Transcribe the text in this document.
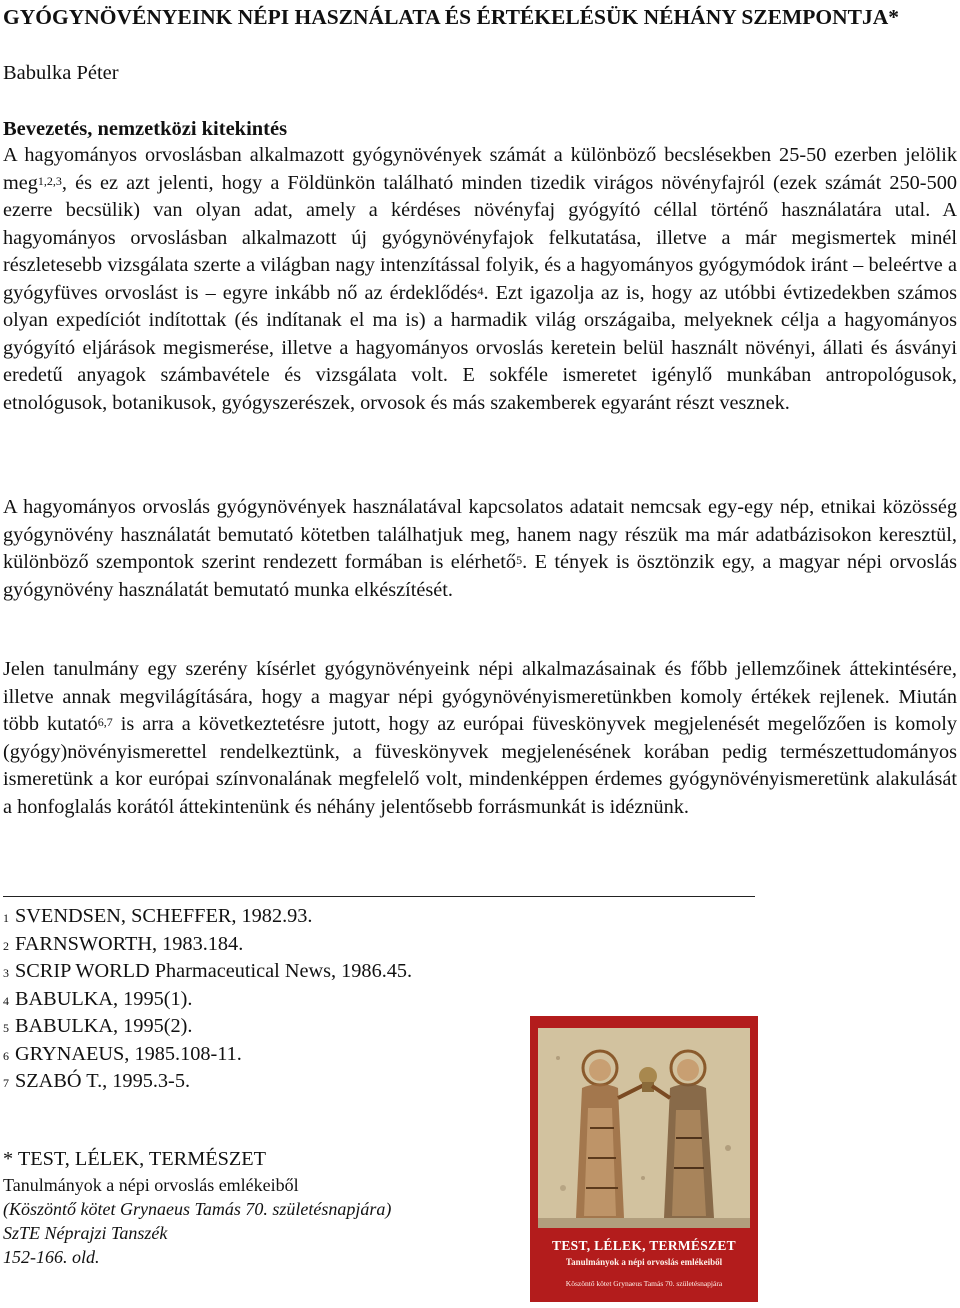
GYÓGYNÖVÉNYEINK NÉPI HASZNÁLATA ÉS ÉRTÉKELÉSÜK NÉHÁNY SZEMPONTJA*
Babulka Péter
Bevezetés, nemzetközi kitekintés

A hagyományos orvoslásban alkalmazott gyógynövények számát a különböző becslésekben 25-50 ezerben jelölik meg$^{1,2,3}$, és ez azt jelenti, hogy a Földünkön található minden tizedik virágos növényfajról (ezek számát 250-500 ezerre becsülik) van olyan adat, amely a kérdéses növényfaj gyógyító céllal történő használatára utal. A hagyományos orvoslásban alkalmazott új gyógynövényfajok felkutatása, illetve a már megismertek minél részletesebb vizsgálata szerte a világban nagy intenzítással folyik, és a hagyományos gyógymódok iránt – beleértve a gyógyfüves orvoslást is – egyre inkább nő az érdeklődés$^4$. Ezt igazolja az is, hogy az utóbbi évtizedekben számos olyan expedíciót indítottak (és indítanak el ma is) a harmadik világ országaiba, melyeknek célja a hagyományos gyógyító eljárások megismerése, illetve a hagyományos orvoslás keretein belül használt növényi, állati és ásványi eredetű anyagok számbavétele és vizsgálata volt. E sokféle ismeretet igénylő munkában antropológusok, etnológusok, botanikusok, gyógyszerészek, orvosok és más szakemberek egyaránt részt vesznek.

A hagyományos orvoslás gyógynövények használatával kapcsolatos adatait nemcsak egy-egy nép, etnikai közösség gyógynövény használatát bemutató kötetben találhatjuk meg, hanem nagy részük ma már adatbázisokon keresztül, különböző szempontok szerint rendezett formában is elérhető$^5$. E tények is ösztönzik egy, a magyar népi orvoslás gyógynövény használatát bemutató munka elkészítését.

Jelen tanulmány egy szerény kísérlet gyógynövényeink népi alkalmazásainak és főbb jellemzőinek áttekintésére, illetve annak megvilágítására, hogy a magyar népi gyógynövényismeretünkben komoly értékek rejlenek. Miután több kutató$^{6,7}$ is arra a következtetésre jutott, hogy az európai füveskönyvek megjelenését megelőzően is komoly (gyógy)növényismerettel rendelkeztünk, a füveskönyvek megjelenésének korában pedig természettudományos ismeretünk a kor európai színvonalának megfelelő volt, mindenképpen érdemes gyógynövényismeretünk alakulását a honfoglalás korától áttekintenünk és néhány jelentősebb forrásmunkát is idéznünk.

$^1$ SVENDSEN, SCHEFFER, 1982.93.
$^2$ FARNSWORTH, 1983.184.
$^3$ SCRIP WORLD Pharmaceutical News, 1986.45.
$^4$ BABULKA, 1995(1).
$^5$ BABULKA, 1995(2).
$^6$ GRYNAEUS, 1985.108-11.
$^7$ SZABÓ T., 1995.3-5.
* TEST, LÉLEK, TERMÉSZET
Tanulmányok a népi orvoslás emlékeiből
(Köszöntő kötet Grynaeus Tamás 70. születésnapjára)
SzTE Néprajzi Tanszék
152-166. old.
TEST, LÉLEK, TERMÉSZET
Tanulmányok a népi orvoslás emlékeiből
Köszöntő kötet Grynaeus Tamás 70. születésnapjára
